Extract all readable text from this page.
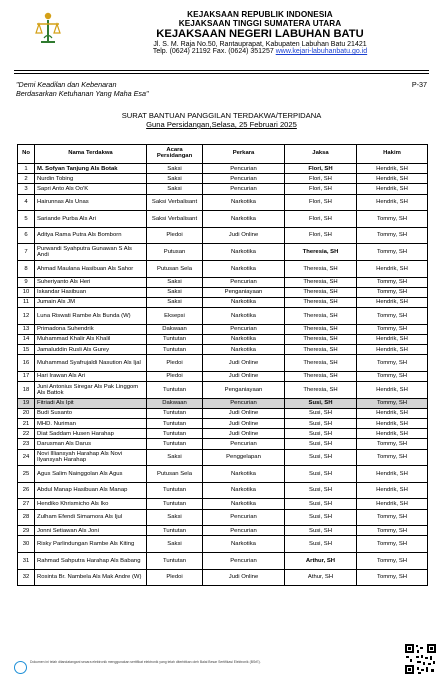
KEJAKSAAN REPUBLIK INDONESIA
KEJAKSAAN TINGGI SUMATERA UTARA
KEJAKSAAN NEGERI LABUHAN BATU
Jl. S. M. Raja No.50, Rantauprapat, Kabupaten Labuhan Batu 21421
Telp. (0624) 21192 Fax. (0624) 351257 www.kejari-labuhanbatu.go.id
"Demi Keadilan dan Kebenaran
Berdasarkan Ketuhanan Yang Maha Esa"
P-37
SURAT BANTUAN PANGGILAN TERDAKWA/TERPIDANA
Guna Persidangan,Selasa, 25 Februari 2025
No	Nama Terdakwa	Acara Persidangan	Perkara	Jaksa	Hakim
1	M. Sofyan Tanjung Als Botak	Saksi	Pencurian	Flori, SH	Hendrik, SH
2	Nurdin Tobing	Saksi	Pencurian	Flori, SH	Hendrik, SH
3	Sapri Anto Als Oo'K	Saksi	Pencurian	Flori, SH	Hendrik, SH
4	Hairunnas Als Unas	Saksi Verbalisant	Narkotika	Flori, SH	Hendrik, SH
5	Sariande Purba Als Ari	Saksi Verbalisant	Narkotika	Flori, SH	Tommy, SH
6	Aditya Rama Putra Als Bomborn	Pledoi	Judi Online	Flori, SH	Tommy, SH
7	Purwandi Syahputra Gunawan S Als Andi	Putusan	Narkotika	Theresia, SH	Tommy, SH
8	Ahmad Maulana Hasibuan Als Sahor	Putusan Sela	Narkotika	Theresia, SH	Hendrik, SH
9	Suheriyanto Als Heri	Saksi	Pencurian	Theresia, SH	Tommy, SH
10	Iskandar Hasibuan	Saksi	Penganiayaan	Theresia, SH	Tommy, SH
11	Jumain Als JM	Saksi	Narkotika	Theresia, SH	Hendrik, SH
12	Luna Riswati Rambe Als Bunda (W)	Eksepsi	Narkotika	Theresia, SH	Tommy, SH
13	Primadona Suhendrik	Dakwaan	Pencurian	Theresia, SH	Tommy, SH
14	Muhammad Khalir Als Khalil	Tuntutan	Narkotika	Theresia, SH	Hendrik, SH
15	Jamaluddin Rusli Als Gurey	Tuntutan	Narkotika	Theresia, SH	Hendrik, SH
16	Muhammad Syafrujaldi Nasution Als Ijal	Pledoi	Judi Online	Theresia, SH	Tommy, SH
17	Hari Irawan Als Ari	Pledoi	Judi Online	Theresia, SH	Tommy, SH
18	Juni Antonius Siregar Als Pak Linggom Als Battok	Tuntutan	Penganiayaan	Theresia, SH	Hendrik, SH
19	Fitriadi Als Ipit	Dakwaan	Pencurian	Susi, SH	Tommy, SH
20	Budi Susanto	Tuntutan	Judi Online	Susi, SH	Hendrik, SH
21	MHD. Nuriman	Tuntutan	Judi Online	Susi, SH	Hendrik, SH
22	Diat Saddam Husen Harahap	Tuntutan	Judi Online	Susi, SH	Hendrik, SH
23	Darusman Als Darus	Tuntutan	Pencurian	Susi, SH	Tommy, SH
24	Novi Illiansyah Harahap Als Novi Ilyansyah Harahap	Saksi	Penggelapan	Susi, SH	Tommy, SH
25	Agus Salim Nainggolan Als Agus	Putusan Sela	Narkotika	Susi, SH	Hendrik, SH
26	Abdul Manap Hasibuan Als Manap	Tuntutan	Narkotika	Susi, SH	Hendrik, SH
27	Hendiko Khrismicho Als Iko	Tuntutan	Narkotika	Susi, SH	Hendrik, SH
28	Zulham Efendi Simamora Als Ijul	Saksi	Pencurian	Susi, SH	Tommy, SH
29	Jonni Setiawan Als Joni	Tuntutan	Pencurian	Susi, SH	Tommy, SH
30	Risky Parlindungan Rambe Als Kiting	Saksi	Narkotika	Susi, SH	Tommy, SH
31	Rahmad Sahputra Harahap Als Babang	Tuntutan	Pencurian	Arthur, SH	Tommy, SH
32	Rosinta Br. Nambela Als Mak Andre (W)	Pledoi	Judi Online	Athur, SH	Tommy, SH
Dokumen ini telah ditandatangani secara elektronik menggunakan sertifikat elektronik yang telah diterbitkan oleh Balai Besar Sertifikasi Elektronik (BSrE).
